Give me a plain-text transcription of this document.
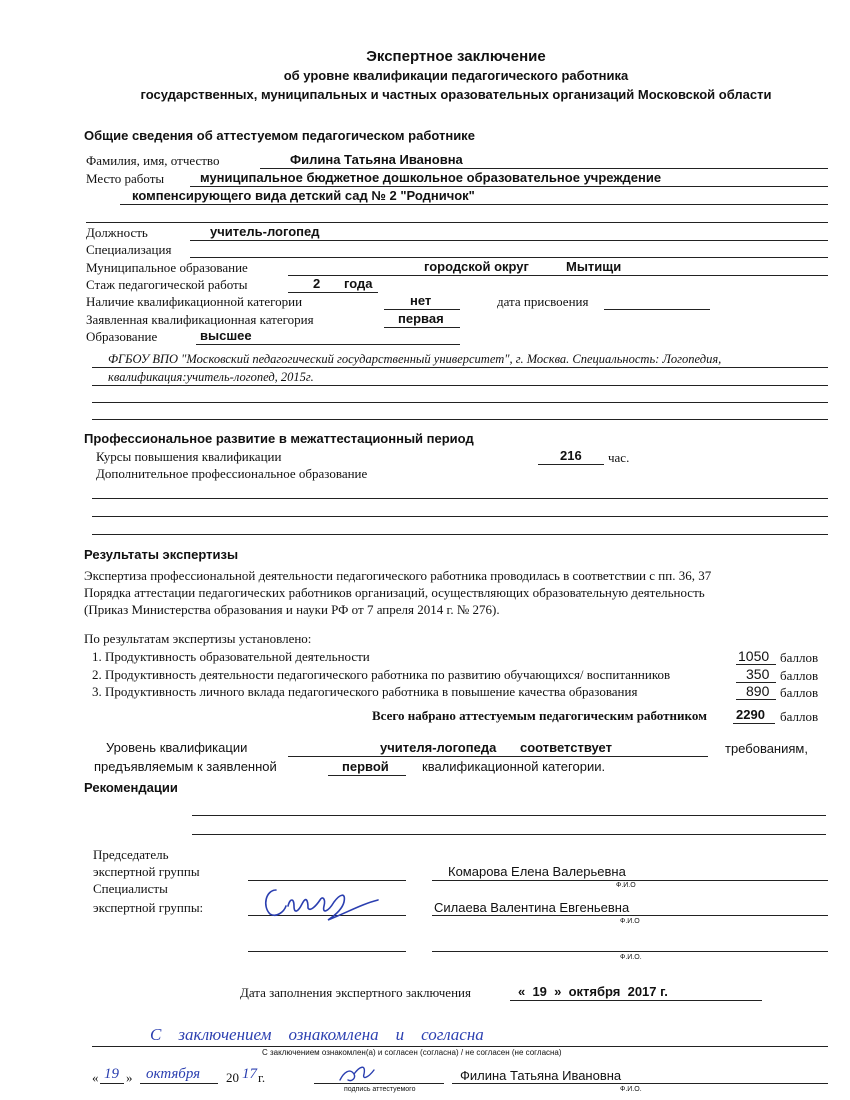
Экспертное заключение
об уровне квалификации педагогического работника
государственных, муниципальных и частных оразовательных организаций Московской области
Общие сведения об аттестуемом педагогическом работнике
Фамилия, имя, отчество	Филина Татьяна Ивановна
Место работы	муниципальное бюджетное дошкольное образовательное учреждение
компенсирующего вида детский сад № 2 "Родничок"
Должность	учитель-логопед
Специализация
Муниципальное образование	городской округ	Мытищи
Стаж педагогической работы	2 года
Наличие квалификационной категории	нет	дата присвоения
Заявленная квалификационная категория	первая
Образование	высшее
ФГБОУ ВПО "Московский педагогический государственный университет", г. Москва. Специальность: Логопедия,
квалификация:учитель-логопед, 2015г.
Профессиональное развитие в межаттестационный период
Курсы повышения квалификации	216 час.
Дополнительное профессиональное образование
Результаты экспертизы
Экспертиза профессиональной деятельности педагогического работника проводилась в соответствии с пп. 36, 37
Порядка аттестации педагогических работников организаций, осуществляющих образовательную деятельность
(Приказ Министерства образования и науки РФ от 7 апреля 2014 г. № 276).
По результатам экспертизы установлено:
1. Продуктивность образовательной деятельности	1050 баллов
2. Продуктивность деятельности педагогического работника по развитию обучающихся/ воспитанников	350 баллов
3. Продуктивность личного вклада педагогического работника в повышение качества образования	890 баллов
Всего набрано аттестуемым педагогическим работником 2290 баллов
Уровень квалификации	учителя-логопеда соответствует	требованиям,
предъявляемым к заявленной	первой	квалификационной категории.
Рекомендации
Председатель
экспертной группы	Комарова Елена Валерьевна
Ф.И.О
Специалисты
экспертной группы:	Силаева Валентина Евгеньевна
Ф.И.О
Ф.И.О.
Дата заполнения экспертного заключения	«  19  »  октября  2017 г.
С    заключением    ознакомлена    и    согласна
С заключением ознакомлен(а) и согласен (согласна) / не согласен (не согласна)
« 19 » октября 20 17 г.
подпись аттестуемого
Филина Татьяна Ивановна
Ф.И.О.
